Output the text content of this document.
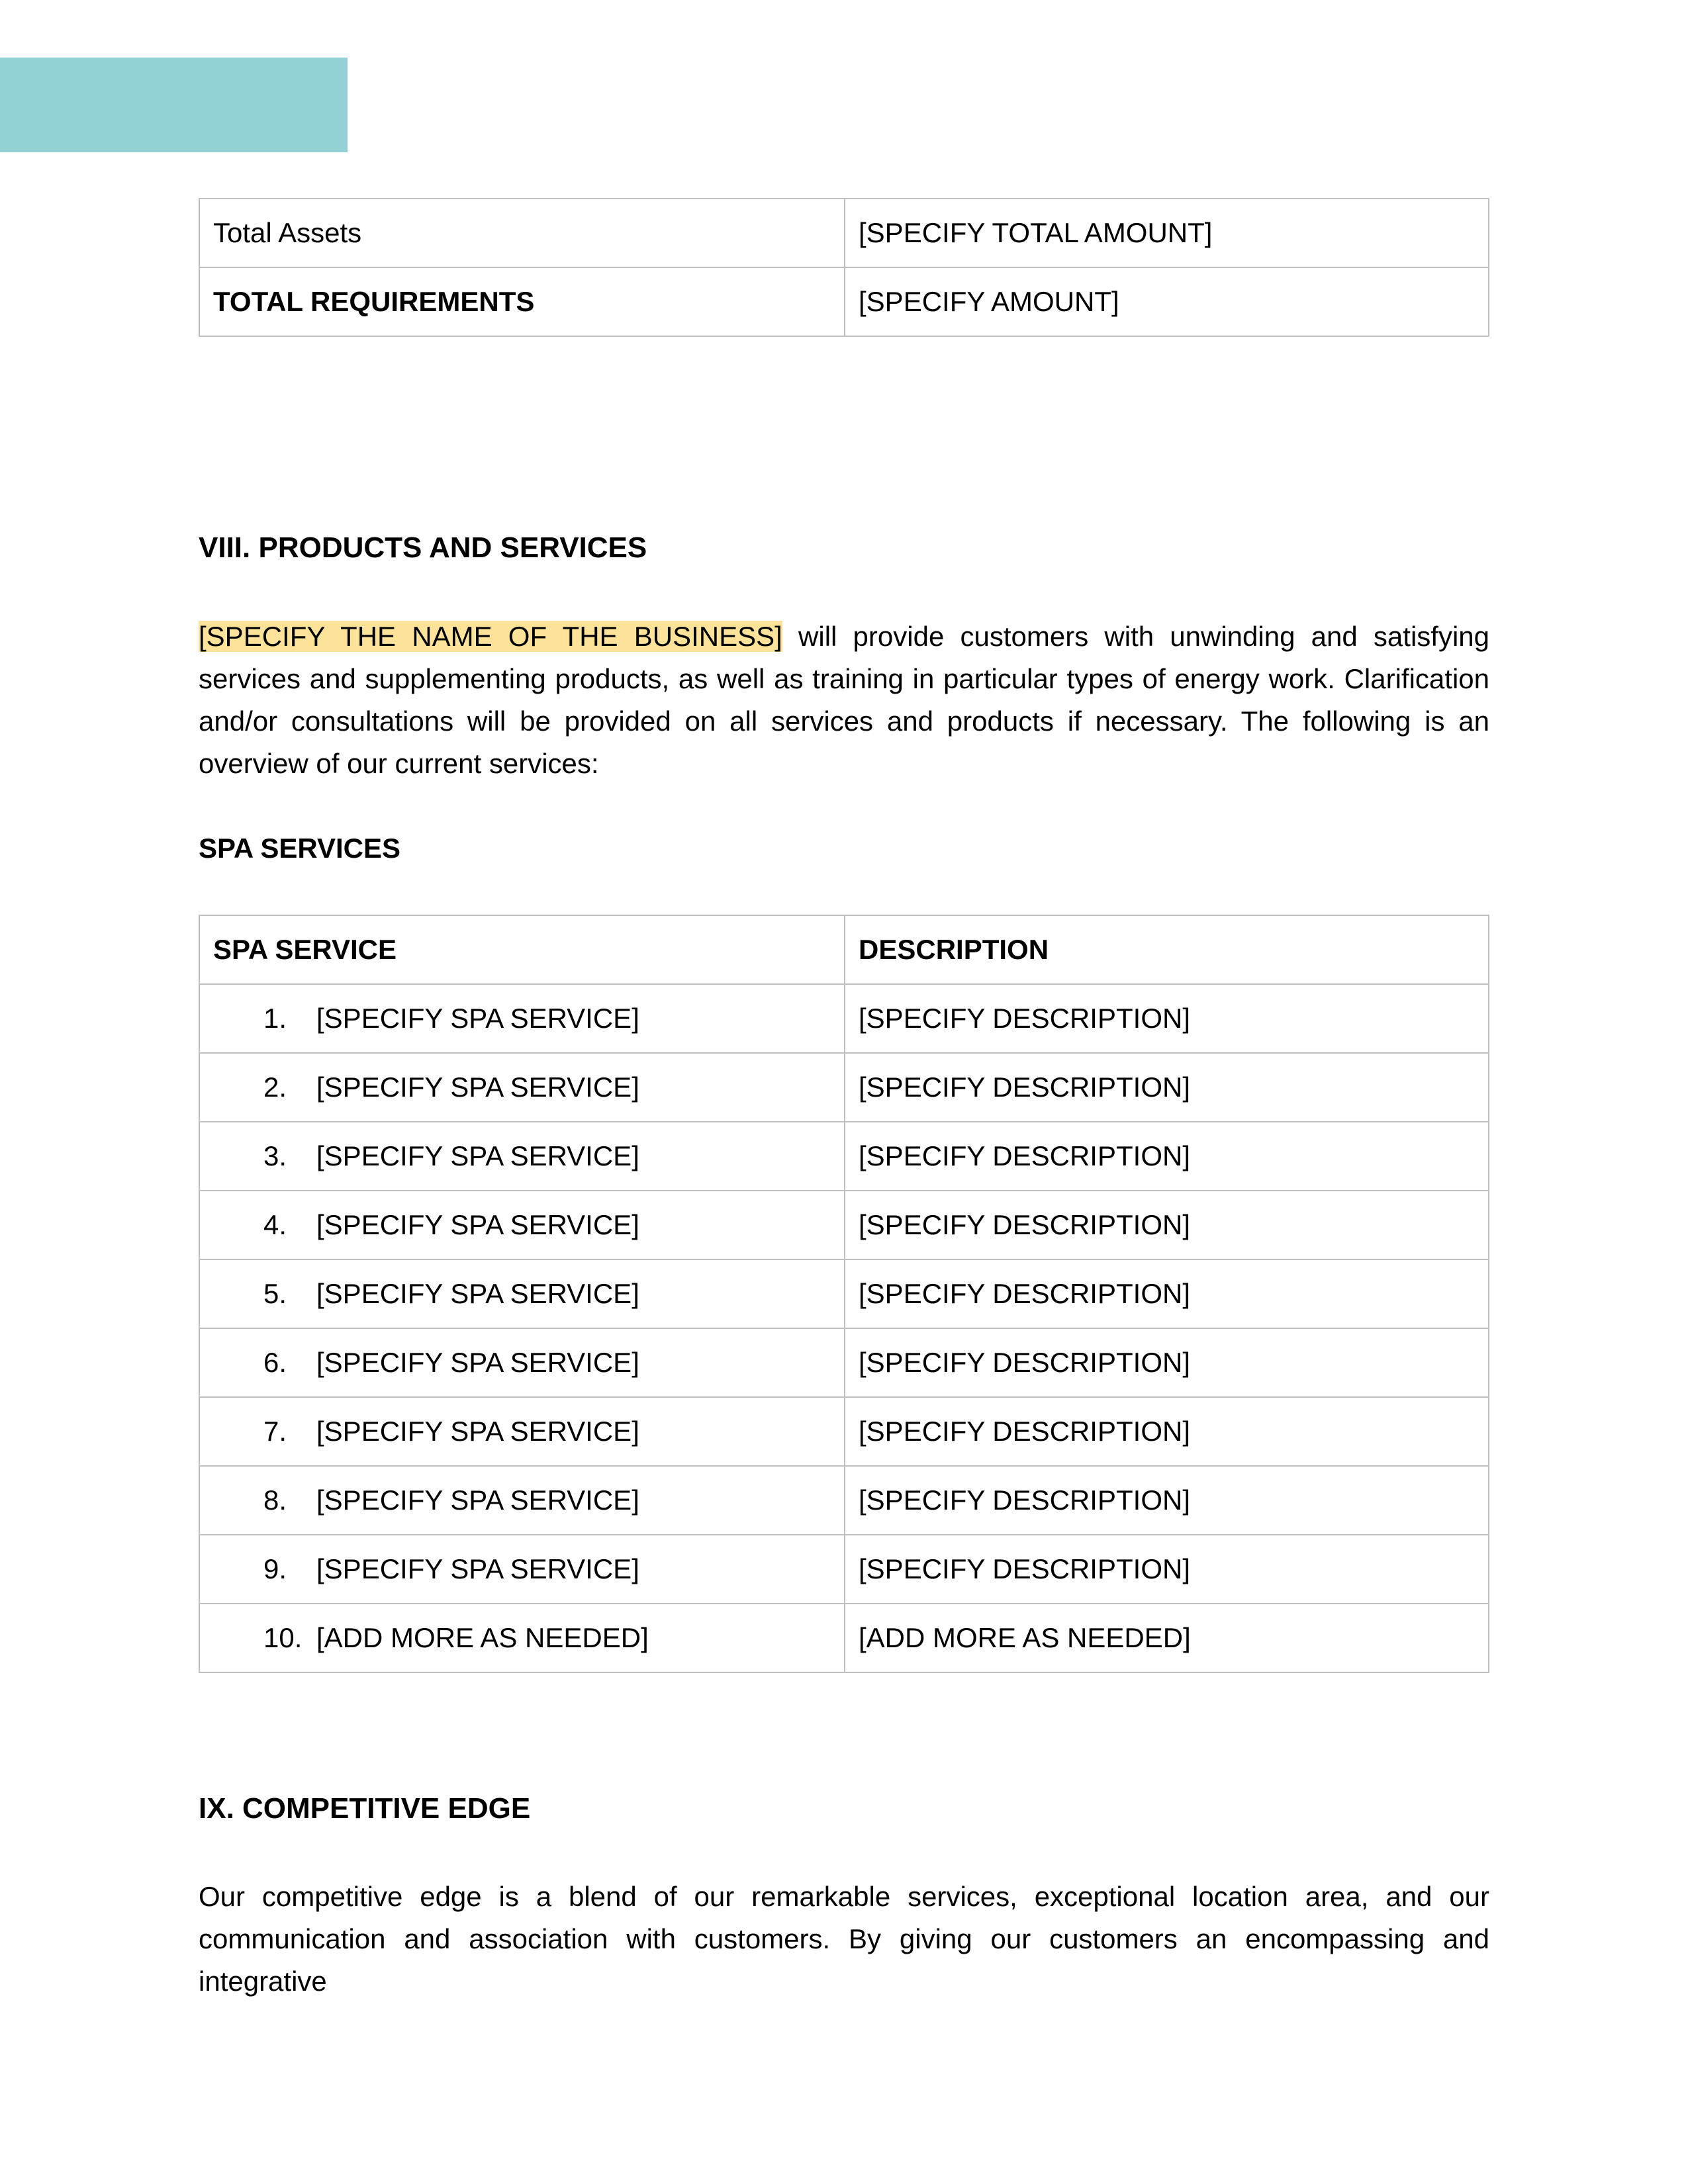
Total Assets	[SPECIFY TOTAL AMOUNT]
TOTAL REQUIREMENTS	[SPECIFY AMOUNT]
VIII. PRODUCTS AND SERVICES

[SPECIFY THE NAME OF THE BUSINESS] will provide customers with unwinding and satisfying services and supplementing products, as well as training in particular types of energy work. Clarification and/or consultations will be provided on all services and products if necessary. The following is an overview of our current services:

SPA SERVICES
SPA SERVICE	DESCRIPTION
1. [SPECIFY SPA SERVICE]	[SPECIFY DESCRIPTION]
2. [SPECIFY SPA SERVICE]	[SPECIFY DESCRIPTION]
3. [SPECIFY SPA SERVICE]	[SPECIFY DESCRIPTION]
4. [SPECIFY SPA SERVICE]	[SPECIFY DESCRIPTION]
5. [SPECIFY SPA SERVICE]	[SPECIFY DESCRIPTION]
6. [SPECIFY SPA SERVICE]	[SPECIFY DESCRIPTION]
7. [SPECIFY SPA SERVICE]	[SPECIFY DESCRIPTION]
8. [SPECIFY SPA SERVICE]	[SPECIFY DESCRIPTION]
9. [SPECIFY SPA SERVICE]	[SPECIFY DESCRIPTION]
10. [ADD MORE AS NEEDED]	[ADD MORE AS NEEDED]
IX. COMPETITIVE EDGE

Our competitive edge is a blend of our remarkable services, exceptional location area, and our communication and association with customers. By giving our customers an encompassing and integrative
